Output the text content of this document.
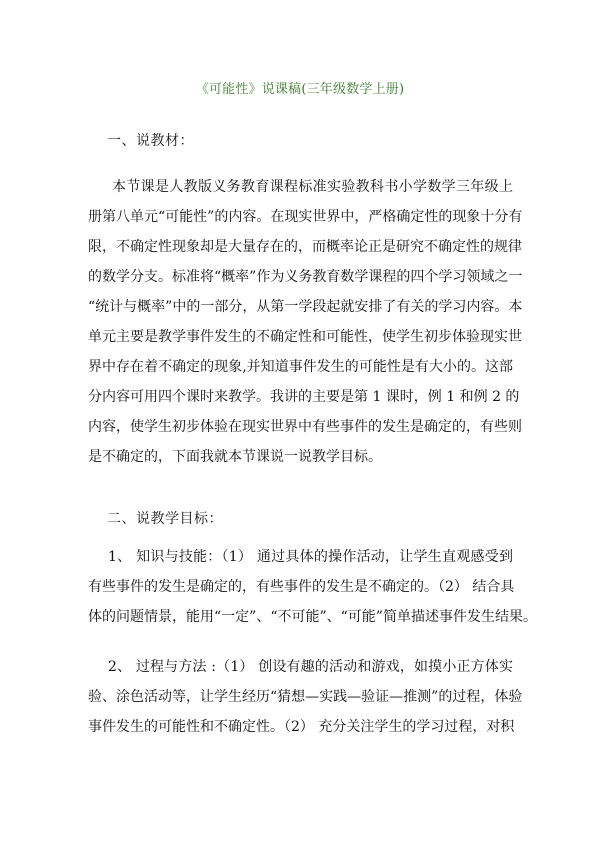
《可能性》说课稿(三年级数学上册)
一、说教材：
本节课是人教版义务教育课程标准实验教科书小学数学三年级上
册第八单元“可能性”的内容。在现实世界中，严格确定性的现象十分有
限，不确定性现象却是大量存在的，而概率论正是研究不确定性的规律
的数学分支。标准将“概率”作为义务教育数学课程的四个学习领域之一
“统计与概率”中的一部分，从第一学段起就安排了有关的学习内容。本
单元主要是教学事件发生的不确定性和可能性，使学生初步体验现实世
界中存在着不确定的现象,并知道事件发生的可能性是有大小的。这部
分内容可用四个课时来教学。我讲的主要是第 1 课时，例 1 和例 2 的
内容，使学生初步体验在现实世界中有些事件的发生是确定的，有些则
是不确定的，下面我就本节课说一说教学目标。
二、说教学目标：
1、 知识与技能：（1） 通过具体的操作活动，让学生直观感受到
有些事件的发生是确定的，有些事件的发生是不确定的。（2） 结合具
体的问题情景，能用“一定”、“不可能”、“可能”简单描述事件发生结果。
2、 过程与方法 :（1） 创设有趣的活动和游戏，如摸小正方体实
验、涂色活动等，让学生经历“猜想—实践—验证—推测”的过程，体验
事件发生的可能性和不确定性。（2） 充分关注学生的学习过程，对积
